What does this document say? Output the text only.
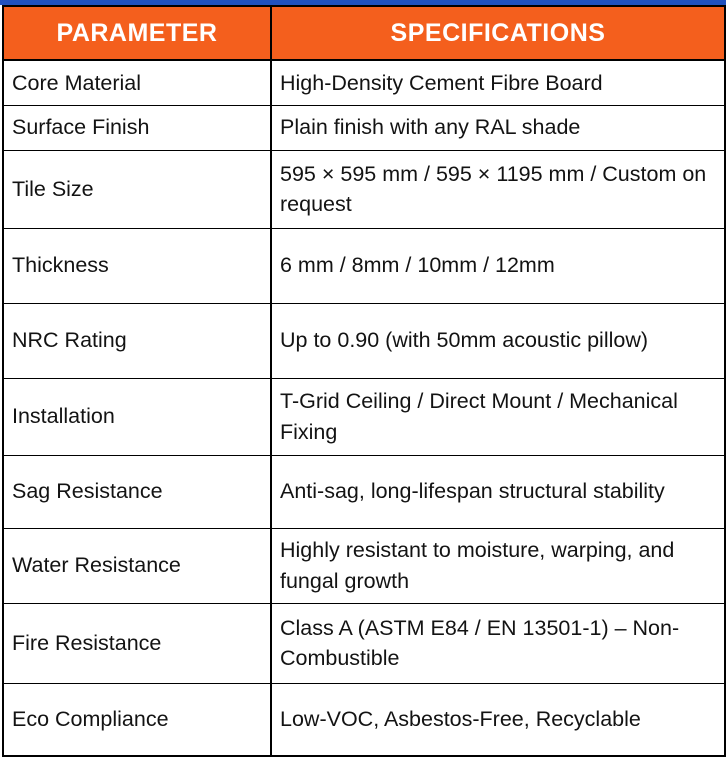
PARAMETER	SPECIFICATIONS
Core Material	High-Density Cement Fibre Board
Surface Finish	Plain finish with any RAL shade
Tile Size	595 × 595 mm / 595 × 1195 mm / Custom on request
Thickness	6 mm / 8mm / 10mm / 12mm
NRC Rating	Up to 0.90 (with 50mm acoustic pillow)
Installation	T-Grid Ceiling / Direct Mount / Mechanical Fixing
Sag Resistance	Anti-sag, long-lifespan structural stability
Water Resistance	Highly resistant to moisture, warping, and fungal growth
Fire Resistance	Class A (ASTM E84 / EN 13501-1) – Non-Combustible
Eco Compliance	Low-VOC, Asbestos-Free, Recyclable
